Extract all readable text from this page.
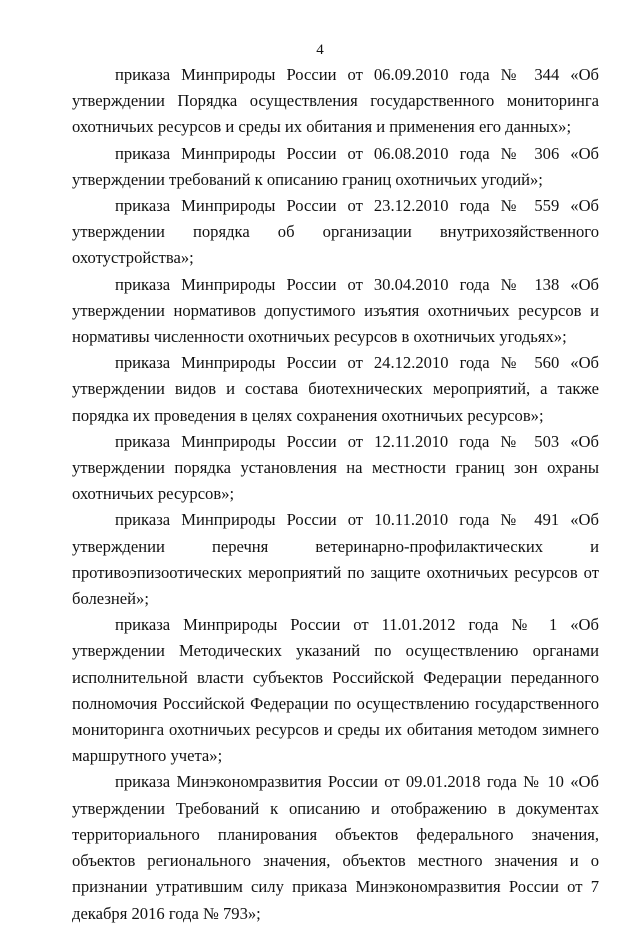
4

приказа Минприроды России от 06.09.2010 года № 344 «Об утверждении Порядка осуществления государственного мониторинга охотничьих ресурсов и среды их обитания и применения его данных»;

приказа Минприроды России от 06.08.2010 года № 306 «Об утверждении требований к описанию границ охотничьих угодий»;

приказа Минприроды России от 23.12.2010 года № 559 «Об утверждении порядка об организации внутрихозяйственного охотустройства»;

приказа Минприроды России от 30.04.2010 года № 138 «Об утверждении нормативов допустимого изъятия охотничьих ресурсов и нормативы численности охотничьих ресурсов в охотничьих угодьях»;

приказа Минприроды России от 24.12.2010 года № 560 «Об утверждении видов и состава биотехнических мероприятий, а также порядка их проведения в целях сохранения охотничьих ресурсов»;

приказа Минприроды России от 12.11.2010 года № 503 «Об утверждении порядка установления на местности границ зон охраны охотничьих ресурсов»;

приказа Минприроды России от 10.11.2010 года № 491 «Об утверждении перечня ветеринарно-профилактических и противоэпизоотических мероприятий по защите охотничьих ресурсов от болезней»;

приказа Минприроды России от 11.01.2012 года № 1 «Об утверждении Методических указаний по осуществлению органами исполнительной власти субъектов Российской Федерации переданного полномочия Российской Федерации по осуществлению государственного мониторинга охотничьих ресурсов и среды их обитания методом зимнего маршрутного учета»;

приказа Минэкономразвития России от 09.01.2018 года № 10 «Об утверждении Требований к описанию и отображению в документах территориального планирования объектов федерального значения, объектов регионального значения, объектов местного значения и о признании утратившим силу приказа Минэкономразвития России от 7 декабря 2016 года № 793»;
